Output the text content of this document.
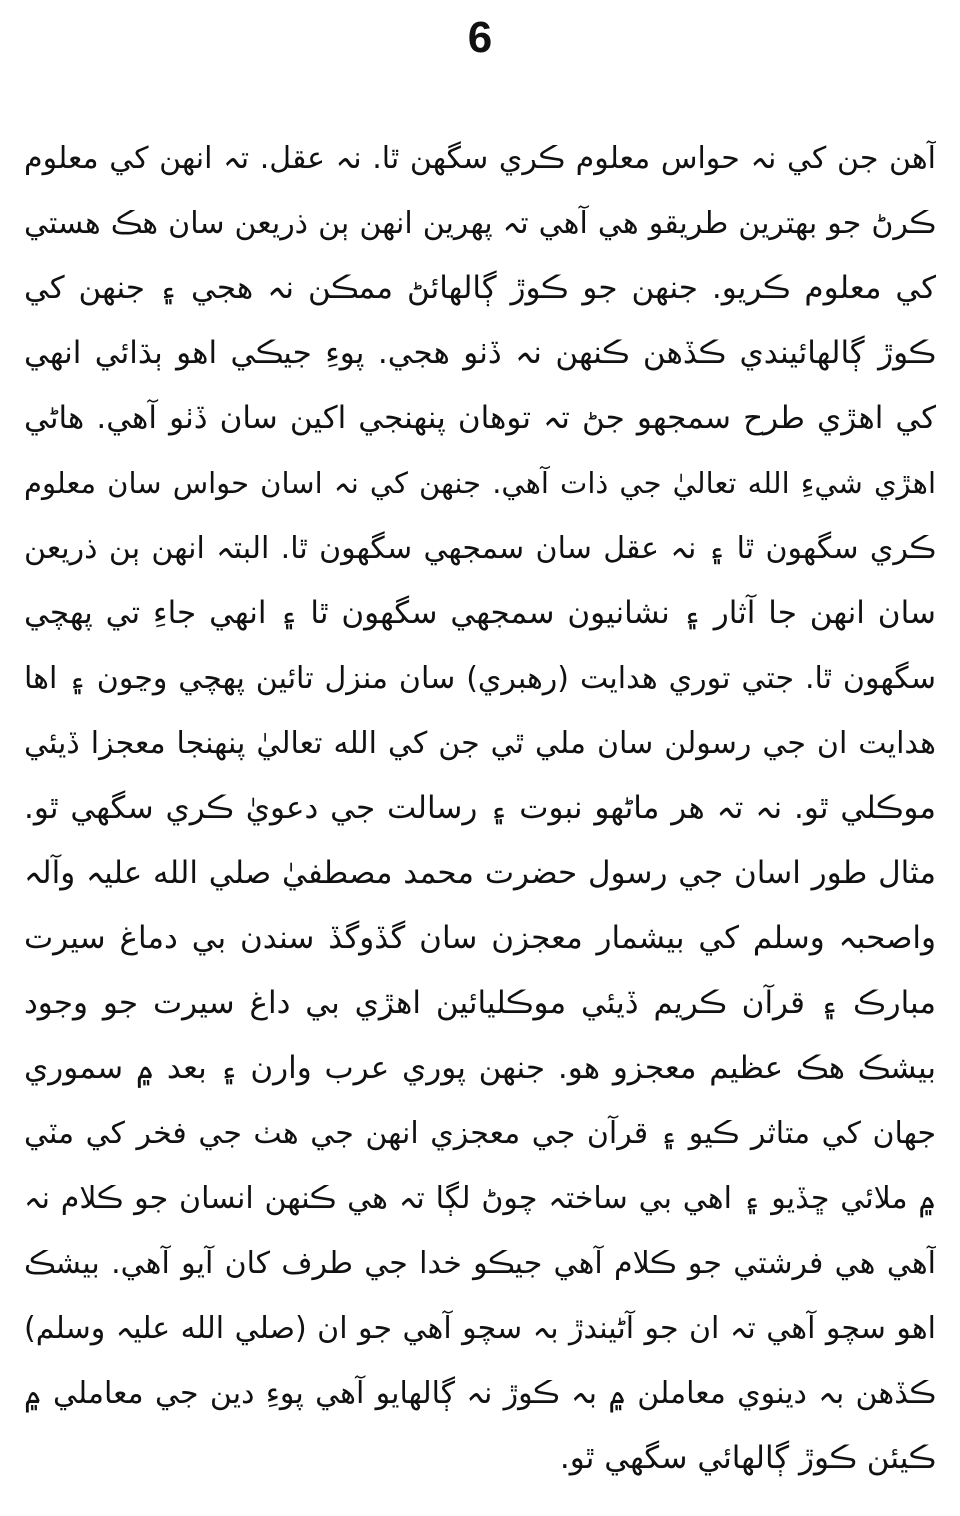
6
آهن جن کي نہ حواس معلوم ڪري سگهن ٿا. نہ عقل. تہ انهن کي معلوم
ڪرڻ جو بهترين طريقو هي آهي تہ پهرين انهن ٻن ذريعن سان هڪ هستي
کي معلوم ڪريو. جنهن جو ڪوڙ ڳالهائڻ ممڪن نہ هجي ۽ جنهن کي
ڪوڙ ڳالهائيندي ڪڏهن ڪنهن نہ ڏٺو هجي. پوءِ جيڪي اهو ٻڌائي انهي
کي اهڙي طرح سمجهو جڻ تہ توهان پنهنجي اکين سان ڏٺو آهي. هاڻي
اهڙي شيءِ الله تعاليٰ جي ذات آهي. جنهن کي نہ اسان حواس سان معلوم
ڪري سگهون ٿا ۽ نہ عقل سان سمجهي سگهون ٿا. البتہ انهن ٻن ذريعن
سان انهن جا آثار ۽ نشانيون سمجهي سگهون ٿا ۽ انهي جاءِ تي پهچي
سگهون ٿا. جتي توري هدايت (رهبري) سان منزل تائين پهچي وڃون ۽ اها
هدايت ان جي رسولن سان ملي ٿي جن کي الله تعاليٰ پنهنجا معجزا ڏيئي
موڪلي ٿو. نہ تہ هر ماڻهو نبوت ۽ رسالت جي دعويٰ ڪري سگهي ٿو.
مثال طور اسان جي رسول حضرت محمد مصطفيٰ صلي الله عليہ وآلہ
واصحبہ وسلم کي بيشمار معجزن سان گڏوگڏ سندن بي دماغ سيرت
مبارڪ ۽ قرآن ڪريم ڏيئي موڪليائين اهڙي بي داغ سيرت جو وجود
بيشڪ هڪ عظيم معجزو هو. جنهن پوري عرب وارن ۽ بعد ۾ سموري
جهان کي متاثر ڪيو ۽ قرآن جي معجزي انهن جي هٺ جي فخر کي مٽي
۾ ملائي ڇڏيو ۽ اهي بي ساختہ چوڻ لڳا تہ هي ڪنهن انسان جو ڪلام نہ
آهي هي فرشتي جو ڪلام آهي جيڪو خدا جي طرف کان آيو آهي. بيشڪ
اهو سچو آهي تہ ان جو آڻيندڙ بہ سچو آهي جو ان (صلي الله عليہ وسلم)
ڪڏهن بہ دينوي معاملن ۾ بہ ڪوڙ نہ ڳالهايو آهي پوءِ دين جي معاملي ۾
ڪيئن ڪوڙ ڳالهائي سگهي ٿو.
